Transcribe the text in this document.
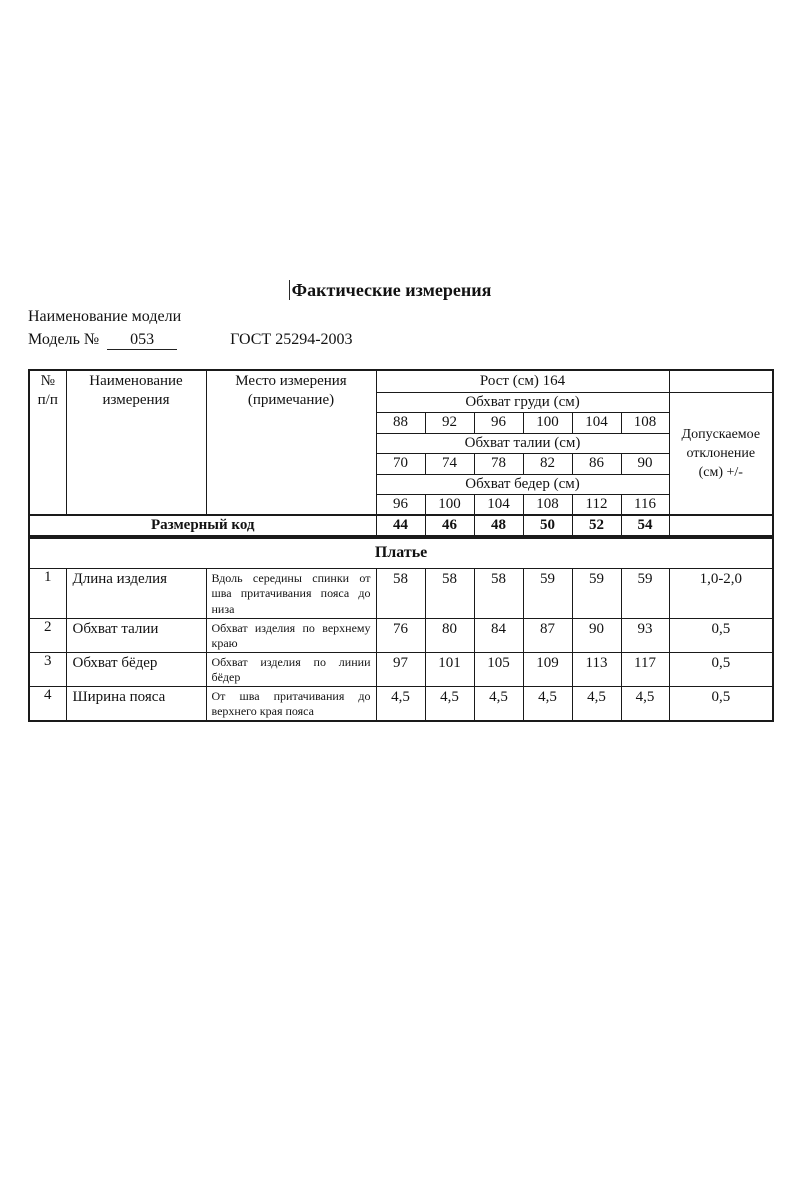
Фактические измерения
Наименование модели
Модель № 053	ГОСТ 25294-2003
№
п/п	Наименование измерения	Место измерения (примечание)	Рост (см) 164						
			Обхват груди (см)						Допускаемое отклонение (см) +/-
			88	92	96	100	104	108	
			Обхват талии (см)						
			70	74	78	82	86	90	
			Обхват бедер (см)						
			96	100	104	108	112	116	
Размерный код			44	46	48	50	52	54	
Платье									
1	Длина изделия	Вдоль середины спинки от шва притачивания пояса до низа	58	58	58	59	59	59	1,0-2,0
2	Обхват талии	Обхват изделия по верхнему краю	76	80	84	87	90	93	0,5
3	Обхват бёдер	Обхват изделия по линии бёдер	97	101	105	109	113	117	0,5
4	Ширина пояса	От шва притачивания до верхнего края пояса	4,5	4,5	4,5	4,5	4,5	4,5	0,5
